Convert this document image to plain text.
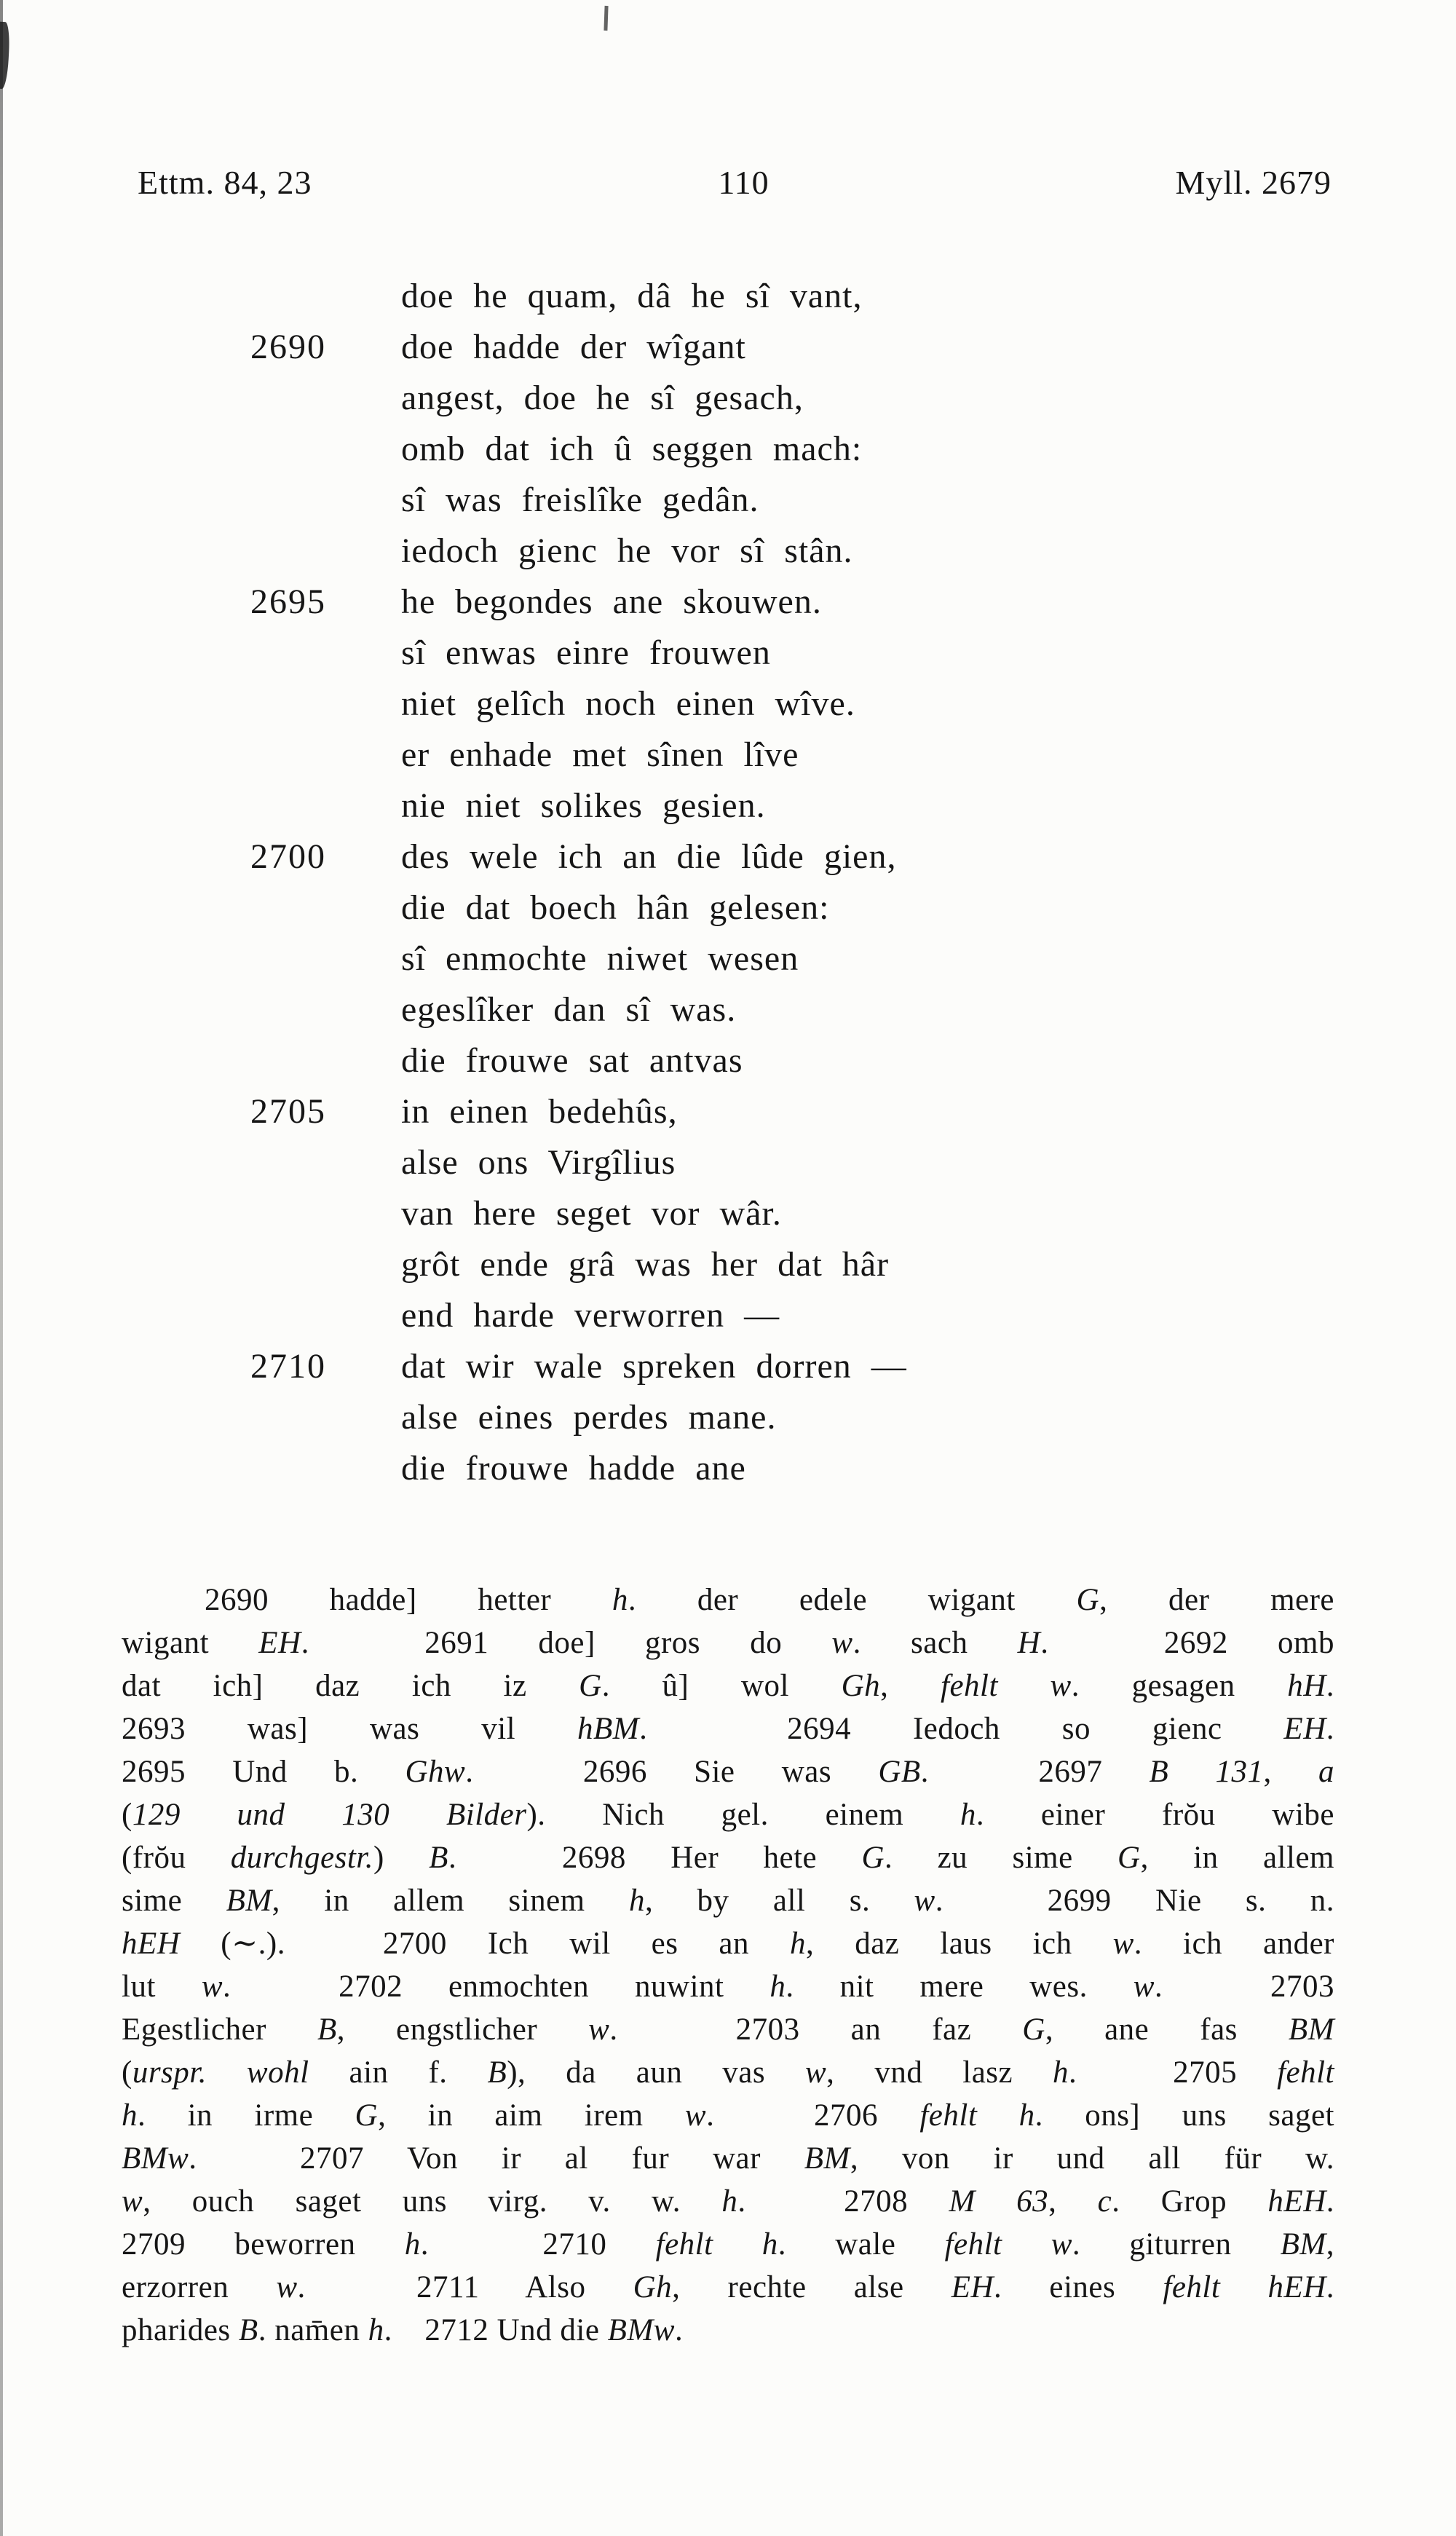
Ettm. 84, 23	110	Myll. 2679
doe he quam, dâ he sî vant,
2690 doe hadde der wîgant
angest, doe he sî gesach,
omb dat ich û seggen mach:
sî was freislîke gedân.
iedoch gienc he vor sî stân.
2695 he begondes ane skouwen.
sî enwas einre frouwen
niet gelîch noch einen wîve.
er enhade met sînen lîve
nie niet solikes gesien.
2700 des wele ich an die lûde gien,
die dat boech hân gelesen:
sî enmochte niwet wesen
egeslîker dan sî was.
die frouwe sat antvas
2705 in einen bedehûs,
alse ons Virgîlius
van here seget vor wâr.
grôt ende grâ was her dat hâr
end harde verworren —
2710 dat wir wale spreken dorren —
alse eines perdes mane.
die frouwe hadde ane
2690 hadde] hetter h. der edele wigant G, der mere
wigant EH.   2691 doe] gros do w. sach H.   2692 omb
dat ich] daz ich iz G. û] wol Gh, fehlt w. gesagen hH.
2693 was] was vil hBM.   2694 Iedoch so gienc EH.
2695 Und b. Ghw.   2696 Sie was GB.   2697 B 131, a
(129 und 130 Bilder). Nich gel. einem h. einer frŏu wibe
(frŏu durchgestr.) B.   2698 Her hete G. zu sime G, in allem
sime BM, in allem sinem h, by all s. w.   2699 Nie s. n.
hEH (∼.).   2700 Ich wil es an h, daz laus ich w. ich ander
lut w.   2702 enmochten nuwint h. nit mere wes. w.   2703
Egestlicher B, engstlicher w.   2703 an faz G, ane fas BM
(urspr. wohl ain f. B), da aun vas w, vnd lasz h.   2705 fehlt
h. in irme G, in aim irem w.   2706 fehlt h. ons] uns saget
BMw.   2707 Von ir al fur war BM, von ir und all für w.
w, ouch saget uns virg. v. w. h.   2708 M 63, c. Grop hEH.
2709 beworren h.   2710 fehlt h. wale fehlt w. giturren BM,
erzorren w.   2711 Also Gh, rechte alse EH. eines fehlt hEH.
pharides B. nam̄en h.   2712 Und die BMw.
